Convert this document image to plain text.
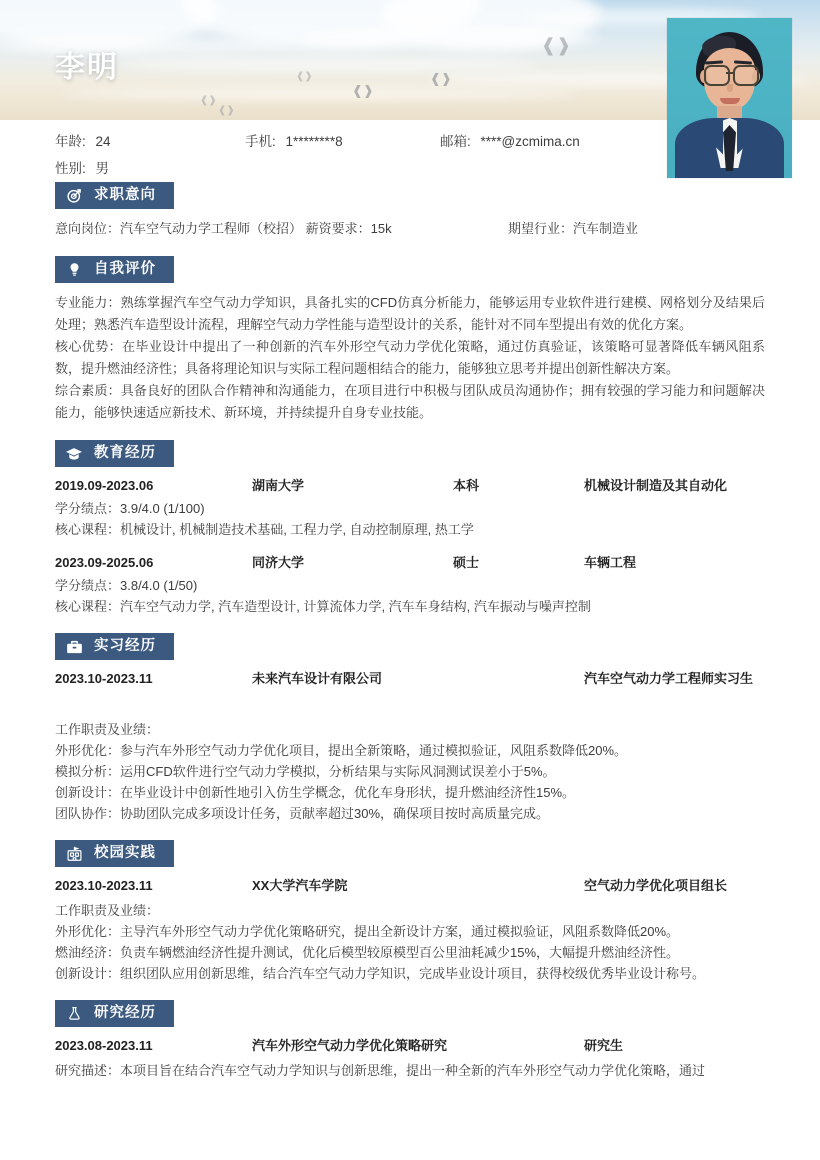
❰❱
❰❱
❰❱
❰❱
❰❱
❰❱
李明
年龄: 24	手机: 1********8	邮箱: ****@zcmima.cn
性别: 男
求职意向
意向岗位：汽车空气动力学工程师（校招） 薪资要求：15k	期望行业：汽车制造业
自我评价

专业能力：熟练掌握汽车空气动力学知识，具备扎实的CFD仿真分析能力，能够运用专业软件进行建模、网格划分及结果后处理；熟悉汽车造型设计流程，理解空气动力学性能与造型设计的关系，能针对不同车型提出有效的优化方案。

核心优势：在毕业设计中提出了一种创新的汽车外形空气动力学优化策略，通过仿真验证，该策略可显著降低车辆风阻系数，提升燃油经济性；具备将理论知识与实际工程问题相结合的能力，能够独立思考并提出创新性解决方案。

综合素质：具备良好的团队合作精神和沟通能力，在项目进行中积极与团队成员沟通协作；拥有较强的学习能力和问题解决能力，能够快速适应新技术、新环境，并持续提升自身专业技能。

教育经历
2019.09-2023.06	湖南大学	本科	机械设计制造及其自动化
学分绩点：3.9/4.0 (1/100)
核心课程：机械设计, 机械制造技术基础, 工程力学, 自动控制原理, 热工学
2023.09-2025.06	同济大学	硕士	车辆工程
学分绩点：3.8/4.0 (1/50)
核心课程：汽车空气动力学, 汽车造型设计, 计算流体力学, 汽车车身结构, 汽车振动与噪声控制
实习经历
2023.10-2023.11	未来汽车设计有限公司	汽车空气动力学工程师实习生
工作职责及业绩：
外形优化：参与汽车外形空气动力学优化项目，提出全新策略，通过模拟验证，风阻系数降低20%。
模拟分析：运用CFD软件进行空气动力学模拟，分析结果与实际风洞测试误差小于5%。
创新设计：在毕业设计中创新性地引入仿生学概念，优化车身形状，提升燃油经济性15%。
团队协作：协助团队完成多项设计任务，贡献率超过30%，确保项目按时高质量完成。
校园实践
2023.10-2023.11	XX大学汽车学院	空气动力学优化项目组长
工作职责及业绩：
外形优化：主导汽车外形空气动力学优化策略研究，提出全新设计方案，通过模拟验证，风阻系数降低20%。
燃油经济：负责车辆燃油经济性提升测试，优化后模型较原模型百公里油耗减少15%，大幅提升燃油经济性。
创新设计：组织团队应用创新思维，结合汽车空气动力学知识，完成毕业设计项目，获得校级优秀毕业设计称号。
研究经历
2023.08-2023.11	汽车外形空气动力学优化策略研究	研究生
研究描述：本项目旨在结合汽车空气动力学知识与创新思维，提出一种全新的汽车外形空气动力学优化策略，通过
